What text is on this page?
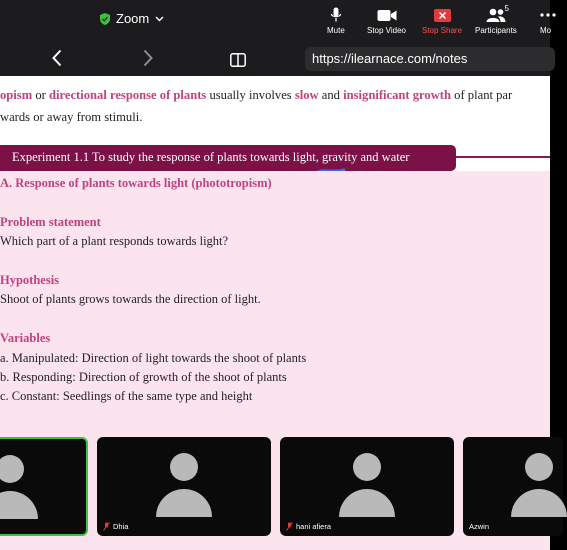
Zoom
Mute	Stop Video Stop Share
5
Participants	Mo
https://ilearnace.com/notes
opism or directional response of plants usually involves slow and insignificant growth of plant par
wards or away from stimuli.
Experiment 1.1 To study the response of plants towards light, gravity and water
A. Response of plants towards light (phototropism)
Problem statement
Which part of a plant responds towards light?
Hypothesis
Shoot of plants grows towards the direction of light.
Variables
a. Manipulated: Direction of light towards the shoot of plants
b. Responding: Direction of growth of the shoot of plants
c. Constant: Seedlings of the same type and height
Dhia	hani afiera	Azwin
